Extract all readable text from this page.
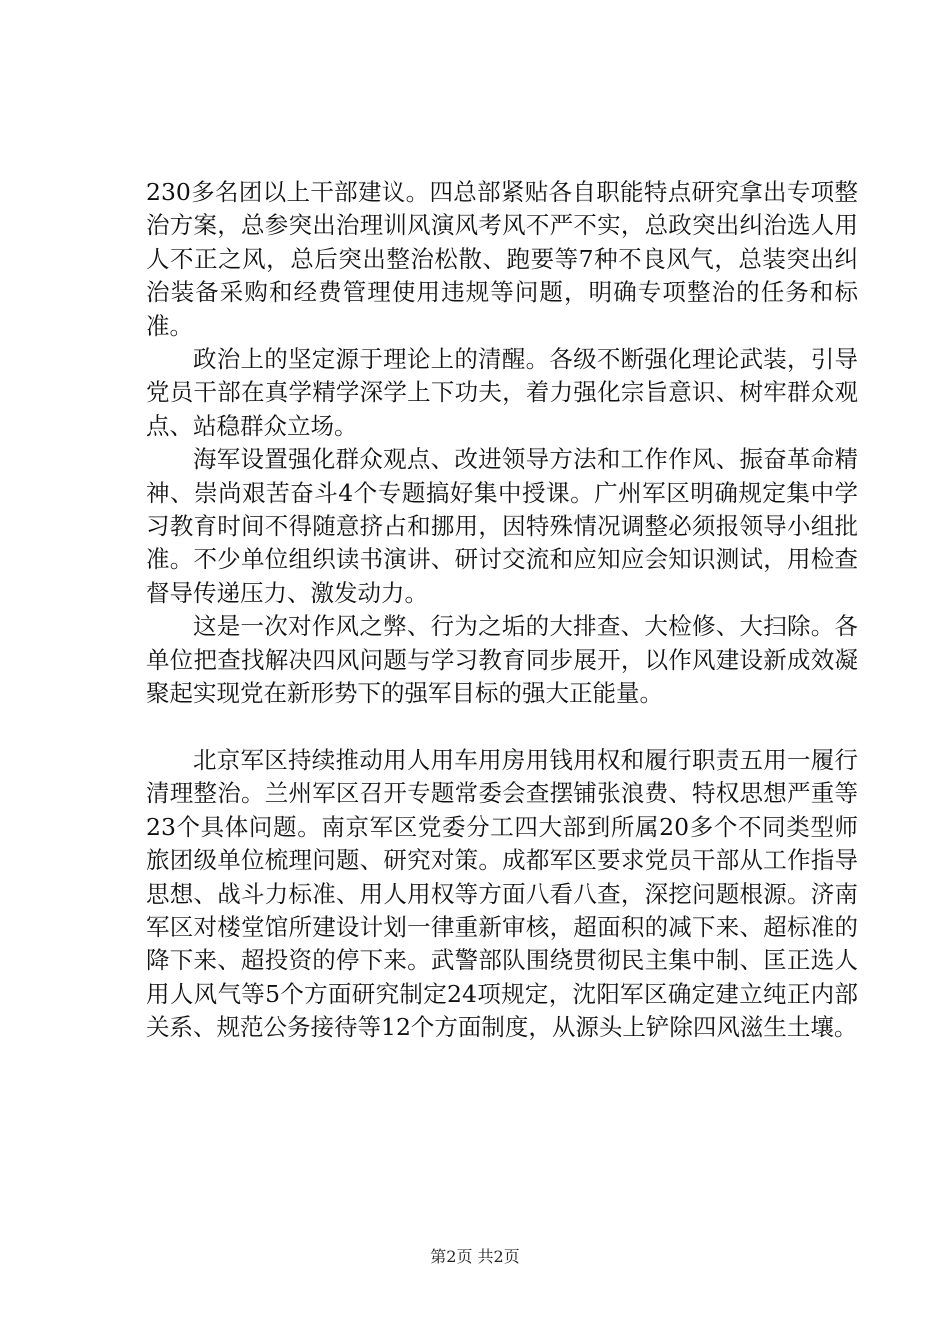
230多名团以上干部建议。四总部紧贴各自职能特点研究拿出专项整治方案，总参突出治理训风演风考风不严不实，总政突出纠治选人用人不正之风，总后突出整治松散、跑要等7种不良风气，总装突出纠治装备采购和经费管理使用违规等问题，明确专项整治的任务和标准。

政治上的坚定源于理论上的清醒。各级不断强化理论武装，引导党员干部在真学精学深学上下功夫，着力强化宗旨意识、树牢群众观点、站稳群众立场。

海军设置强化群众观点、改进领导方法和工作作风、振奋革命精神、崇尚艰苦奋斗4个专题搞好集中授课。广州军区明确规定集中学习教育时间不得随意挤占和挪用，因特殊情况调整必须报领导小组批准。不少单位组织读书演讲、研讨交流和应知应会知识测试，用检查督导传递压力、激发动力。

这是一次对作风之弊、行为之垢的大排查、大检修、大扫除。各单位把查找解决四风问题与学习教育同步展开，以作风建设新成效凝聚起实现党在新形势下的强军目标的强大正能量。

北京军区持续推动用人用车用房用钱用权和履行职责五用一履行清理整治。兰州军区召开专题常委会查摆铺张浪费、特权思想严重等23个具体问题。南京军区党委分工四大部到所属20多个不同类型师旅团级单位梳理问题、研究对策。成都军区要求党员干部从工作指导思想、战斗力标准、用人用权等方面八看八查，深挖问题根源。济南军区对楼堂馆所建设计划一律重新审核，超面积的减下来、超标准的降下来、超投资的停下来。武警部队围绕贯彻民主集中制、匡正选人用人风气等5个方面研究制定24项规定，沈阳军区确定建立纯正内部关系、规范公务接待等12个方面制度，从源头上铲除四风滋生土壤。

第2页 共2页
